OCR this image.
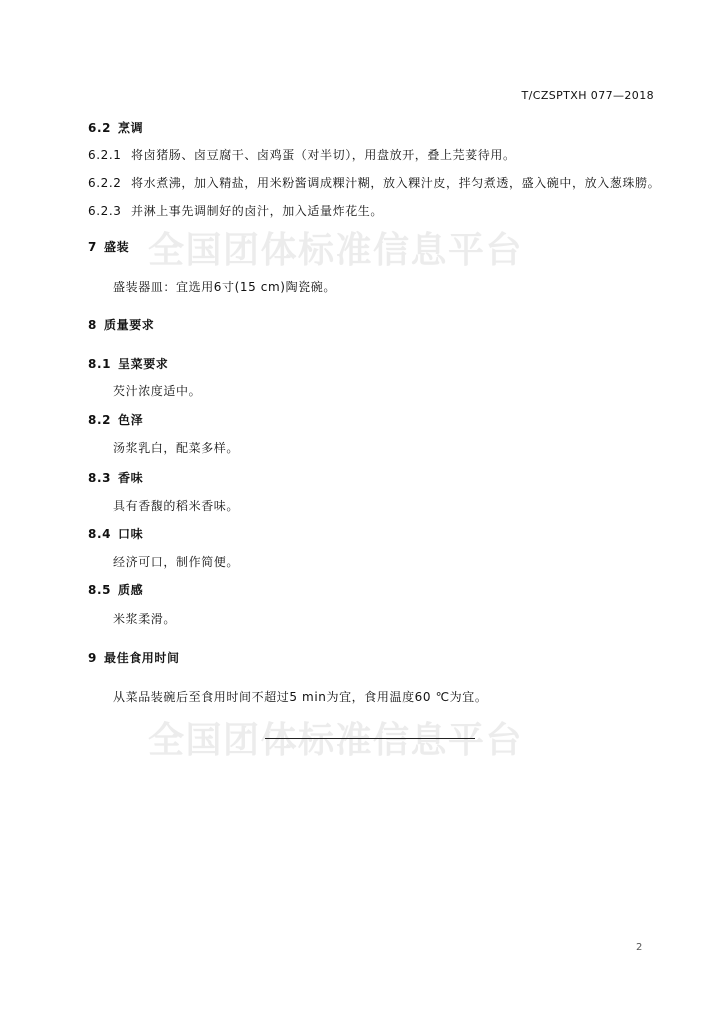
T/CZSPTXH 077—2018
全国团体标准信息平台
全国团体标准信息平台
6.2 烹调
6.2.1 将卤猪肠、卤豆腐干、卤鸡蛋（对半切），用盘放开，叠上芫荽待用。
6.2.2 将水煮沸，加入精盐，用米粉酱调成粿汁糊，放入粿汁皮，拌匀煮透，盛入碗中，放入葱珠朥。
6.2.3 并淋上事先调制好的卤汁，加入适量炸花生。
7 盛装
盛装器皿：宜选用6寸(15 cm)陶瓷碗。
8 质量要求
8.1 呈菜要求
芡汁浓度适中。
8.2 色泽
汤浆乳白，配菜多样。
8.3 香味
具有香馥的稻米香味。
8.4 口味
经济可口，制作简便。
8.5 质感
米浆柔滑。
9 最佳食用时间
从菜品装碗后至食用时间不超过5 min为宜，食用温度60 ℃为宜。
2
